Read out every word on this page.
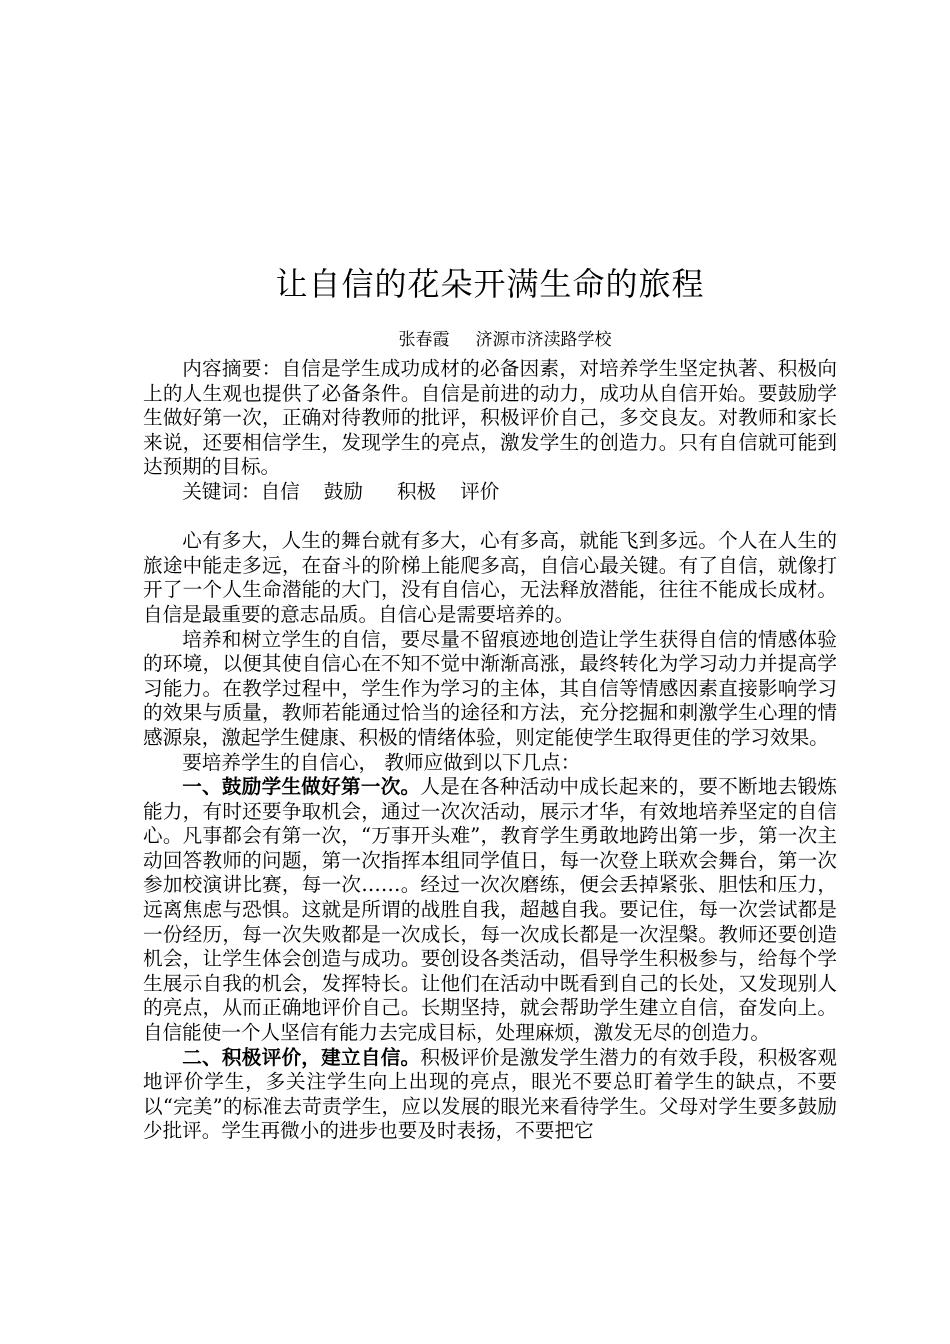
让自信的花朵开满生命的旅程
张春霞 济源市济渎路学校

内容摘要：自信是学生成功成材的必备因素，对培养学生坚定执著、积极向上的人生观也提供了必备条件。自信是前进的动力，成功从自信开始。要鼓励学生做好第一次，正确对待教师的批评，积极评价自己，多交良友。对教师和家长来说，还要相信学生，发现学生的亮点，激发学生的创造力。只有自信就可能到达预期的目标。

关键词：自信 鼓励 积极 评价

心有多大，人生的舞台就有多大，心有多高，就能飞到多远。个人在人生的旅途中能走多远，在奋斗的阶梯上能爬多高，自信心最关键。有了自信，就像打开了一个人生命潜能的大门，没有自信心，无法释放潜能，往往不能成长成材。自信是最重要的意志品质。自信心是需要培养的。

培养和树立学生的自信，要尽量不留痕迹地创造让学生获得自信的情感体验的环境，以便其使自信心在不知不觉中渐渐高涨，最终转化为学习动力并提高学习能力。在教学过程中，学生作为学习的主体，其自信等情感因素直接影响学习的效果与质量，教师若能通过恰当的途径和方法，充分挖掘和刺激学生心理的情感源泉，激起学生健康、积极的情绪体验，则定能使学生取得更佳的学习效果。

要培养学生的自信心， 教师应做到以下几点：

一、鼓励学生做好第一次。人是在各种活动中成长起来的，要不断地去锻炼能力，有时还要争取机会，通过一次次活动，展示才华，有效地培养坚定的自信心。凡事都会有第一次，“万事开头难”，教育学生勇敢地跨出第一步，第一次主动回答教师的问题，第一次指挥本组同学值日，每一次登上联欢会舞台，第一次参加校演讲比赛，每一次……。经过一次次磨练，便会丢掉紧张、胆怯和压力，远离焦虑与恐惧。这就是所谓的战胜自我，超越自我。要记住，每一次尝试都是一份经历，每一次失败都是一次成长，每一次成长都是一次涅槃。教师还要创造机会，让学生体会创造与成功。要创设各类活动，倡导学生积极参与，给每个学生展示自我的机会，发挥特长。让他们在活动中既看到自己的长处，又发现别人的亮点，从而正确地评价自己。长期坚持，就会帮助学生建立自信，奋发向上。自信能使一个人坚信有能力去完成目标，处理麻烦，激发无尽的创造力。

二、积极评价，建立自信。积极评价是激发学生潜力的有效手段，积极客观地评价学生，多关注学生向上出现的亮点，眼光不要总盯着学生的缺点，不要以“完美”的标准去苛责学生，应以发展的眼光来看待学生。父母对学生要多鼓励少批评。学生再微小的进步也要及时表扬，不要把它
